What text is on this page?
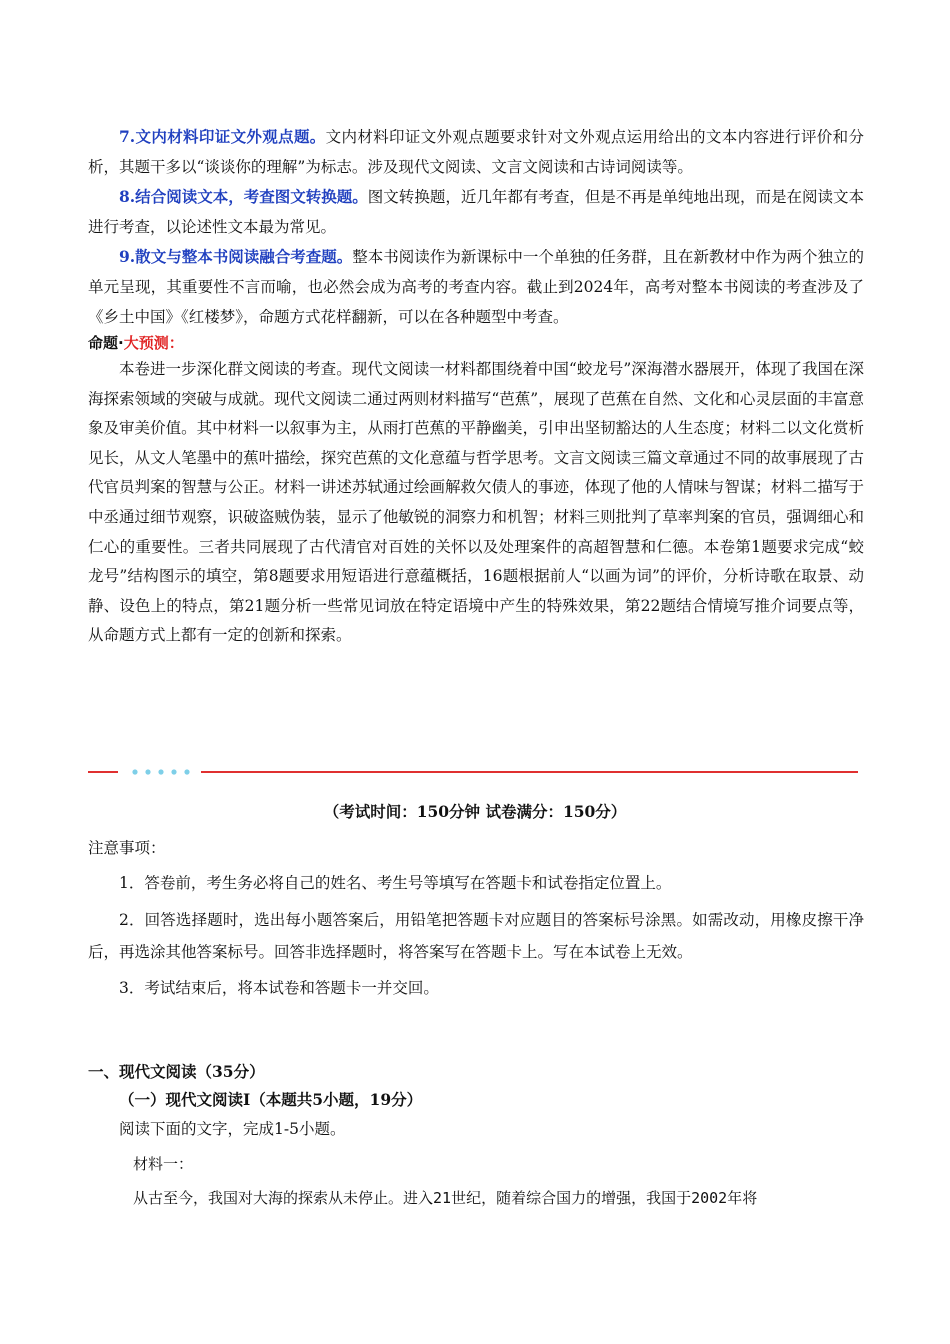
7.文内材料印证文外观点题。文内材料印证文外观点题要求针对文外观点运用给出的文本内容进行评价和分析，其题干多以“谈谈你的理解”为标志。涉及现代文阅读、文言文阅读和古诗词阅读等。

8.结合阅读文本，考查图文转换题。图文转换题，近几年都有考查，但是不再是单纯地出现，而是在阅读文本进行考查，以论述性文本最为常见。

9.散文与整本书阅读融合考查题。整本书阅读作为新课标中一个单独的任务群，且在新教材中作为两个独立的单元呈现，其重要性不言而喻，也必然会成为高考的考查内容。截止到2024年，高考对整本书阅读的考查涉及了《乡土中国》《红楼梦》，命题方式花样翻新，可以在各种题型中考查。

命题·大预测：

本卷进一步深化群文阅读的考查。现代文阅读一材料都围绕着中国“蛟龙号”深海潜水器展开，体现了我国在深海探索领域的突破与成就。现代文阅读二通过两则材料描写“芭蕉”，展现了芭蕉在自然、文化和心灵层面的丰富意象及审美价值。其中材料一以叙事为主，从雨打芭蕉的平静幽美，引申出坚韧豁达的人生态度；材料二以文化赏析见长，从文人笔墨中的蕉叶描绘，探究芭蕉的文化意蕴与哲学思考。文言文阅读三篇文章通过不同的故事展现了古代官员判案的智慧与公正。材料一讲述苏轼通过绘画解救欠债人的事迹，体现了他的人情味与智谋；材料二描写于中丞通过细节观察，识破盗贼伪装，显示了他敏锐的洞察力和机智；材料三则批判了草率判案的官员，强调细心和仁心的重要性。三者共同展现了古代清官对百姓的关怀以及处理案件的高超智慧和仁德。本卷第1题要求完成“蛟龙号”结构图示的填空，第8题要求用短语进行意蕴概括，16题根据前人“以画为词”的评价，分析诗歌在取景、动静、设色上的特点，第21题分析一些常见词放在特定语境中产生的特殊效果，第22题结合情境写推介词要点等，从命题方式上都有一定的创新和探索。

（考试时间：150分钟 试卷满分：150分）

注意事项：

1．答卷前，考生务必将自己的姓名、考生号等填写在答题卡和试卷指定位置上。

2．回答选择题时，选出每小题答案后，用铅笔把答题卡对应题目的答案标号涂黑。如需改动，用橡皮擦干净后，再选涂其他答案标号。回答非选择题时，将答案写在答题卡上。写在本试卷上无效。

3．考试结束后，将本试卷和答题卡一并交回。

一、现代文阅读（35分）

（一）现代文阅读Ⅰ（本题共5小题，19分）

阅读下面的文字，完成1-5小题。

材料一：

从古至今，我国对大海的探索从未停止。进入21世纪，随着综合国力的增强，我国于2002年将
